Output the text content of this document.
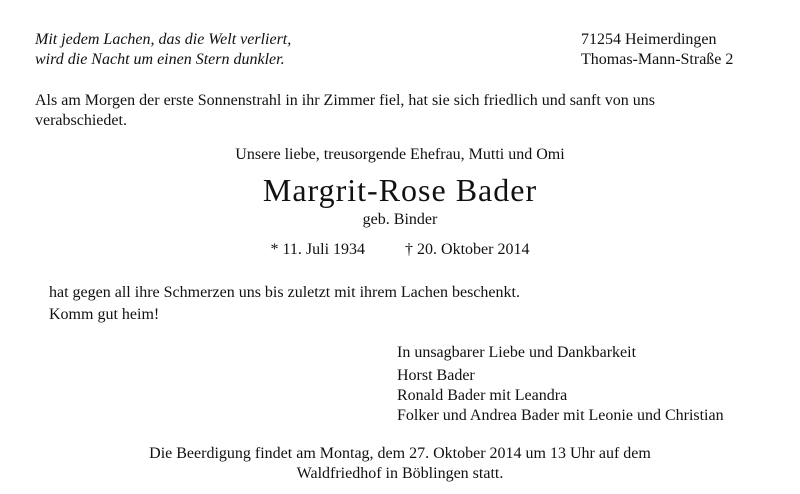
Mit jedem Lachen, das die Welt verliert,
wird die Nacht um einen Stern dunkler.
71254 Heimerdingen
Thomas-Mann-Straße 2
Als am Morgen der erste Sonnenstrahl in ihr Zimmer fiel, hat sie sich friedlich und sanft von uns
verabschiedet.
Unsere liebe, treusorgende Ehefrau, Mutti und Omi
Margrit-Rose Bader
geb. Binder
* 11. Juli 1934	† 20. Oktober 2014
hat gegen all ihre Schmerzen uns bis zuletzt mit ihrem Lachen beschenkt.
Komm gut heim!
In unsagbarer Liebe und Dankbarkeit
Horst Bader
Ronald Bader mit Leandra
Folker und Andrea Bader mit Leonie und Christian
Die Beerdigung findet am Montag, dem 27. Oktober 2014 um 13 Uhr auf dem
Waldfriedhof in Böblingen statt.
